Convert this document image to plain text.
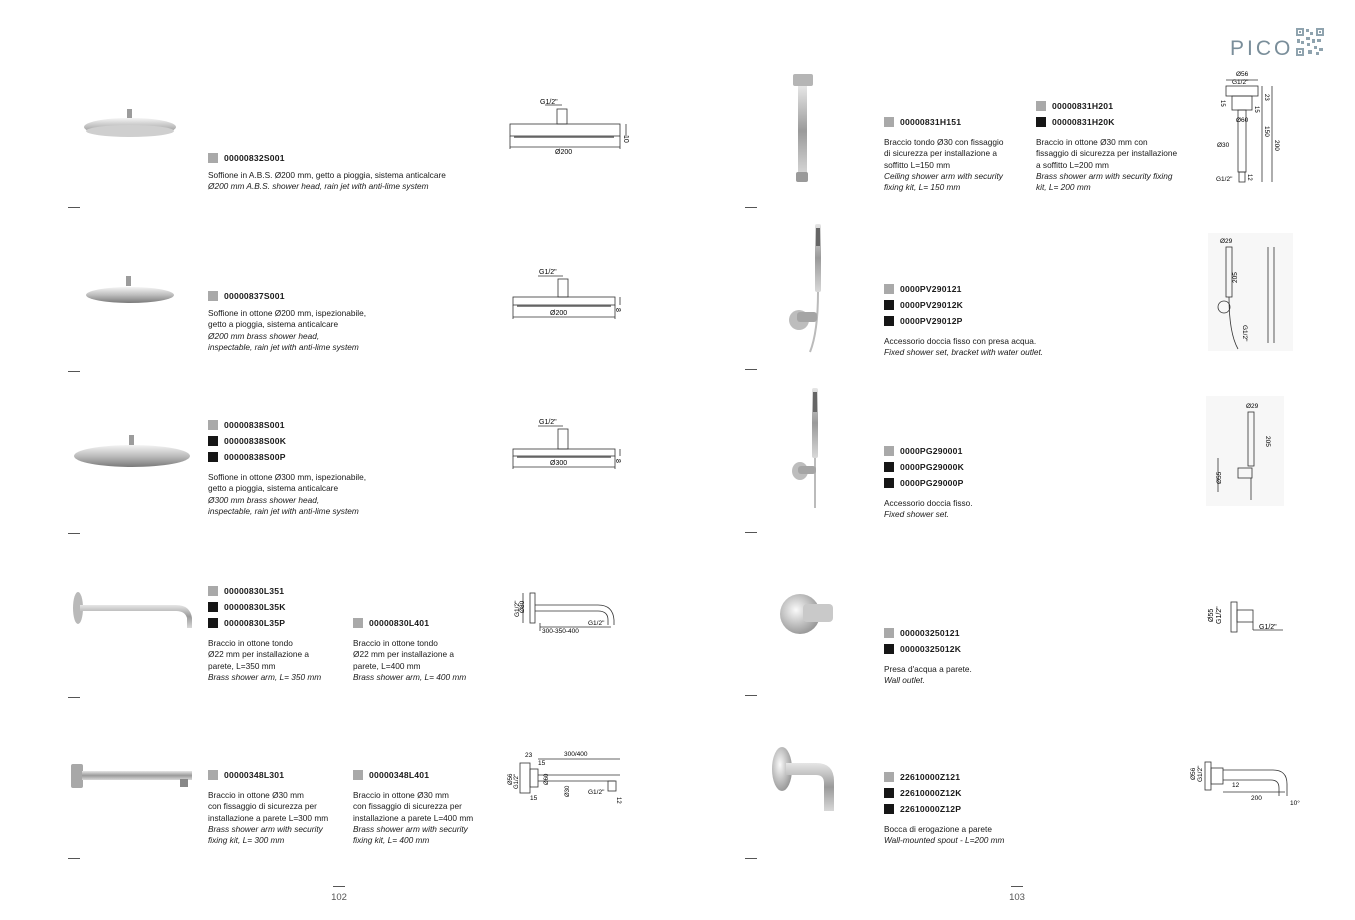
PICO
00000832S001
Soffione in A.B.S. Ø200 mm, getto a pioggia, sistema anticalcare
Ø200 mm A.B.S. shower head, rain jet with anti-lime system
G1/2"
Ø200
10
00000837S001
Soffione in ottone Ø200 mm, ispezionabile,
getto a pioggia, sistema anticalcare
Ø200 mm brass shower head,
inspectable, rain jet with anti-lime system
G1/2"
Ø200
8
00000838S001
00000838S00K
00000838S00P
Soffione in ottone Ø300 mm, ispezionabile,
getto a pioggia, sistema anticalcare
Ø300 mm brass shower head,
inspectable, rain jet with anti-lime system
G1/2"
Ø300	8
00000830L351
00000830L35K
00000830L35P
Braccio in ottone tondo
Ø22 mm per installazione a
parete, L=350 mm
Brass shower arm, L= 350 mm
00000830L401
Braccio in ottone tondo
Ø22 mm per installazione a
parete, L=400 mm
Brass shower arm, L= 400 mm
Ø80
G1/2"
300-350-400
G1/2"
00000348L301
Braccio in ottone Ø30 mm
con fissaggio di sicurezza per
installazione a parete L=300 mm
Brass shower arm with security
fixing kit, L= 300 mm
00000348L401
Braccio in ottone Ø30 mm
con fissaggio di sicurezza per
installazione a parete L=400 mm
Brass shower arm with security
fixing kit, L= 400 mm
300/400
23
15
15
Ø56 G1/2"	Ø60
Ø30	G1/2"
12
102
00000831H151
Braccio tondo Ø30 con fissaggio
di sicurezza per installazione a
soffitto L=150 mm
Ceiling shower arm with security
fixing kit, L= 150 mm
00000831H201
00000831H20K
Braccio in ottone Ø30 mm con
fissaggio di sicurezza per installazione
a soffitto L=200 mm
Brass shower arm with security fixing
kit, L= 200 mm
Ø56
G1/2"
Ø60
Ø30
G1/2"
23
15
15
150
200
12
0000PV290121
0000PV29012K
0000PV29012P
Accessorio doccia fisso con presa acqua.
Fixed shower set, bracket with water outlet.
Ø29
205
G1/2"
0000PG290001
0000PG29000K
0000PG29000P
Accessorio doccia fisso.
Fixed shower set.
Ø29
205
Ø55
000003250121
00000325012K
Presa d'acqua a parete.
Wall outlet.
Ø55 G1/2"
G1/2"
22610000Z121
22610000Z12K
22610000Z12P
Bocca di erogazione a parete
Wall-mounted spout - L=200 mm
Ø56 G1/2"
12
200
10°
103
